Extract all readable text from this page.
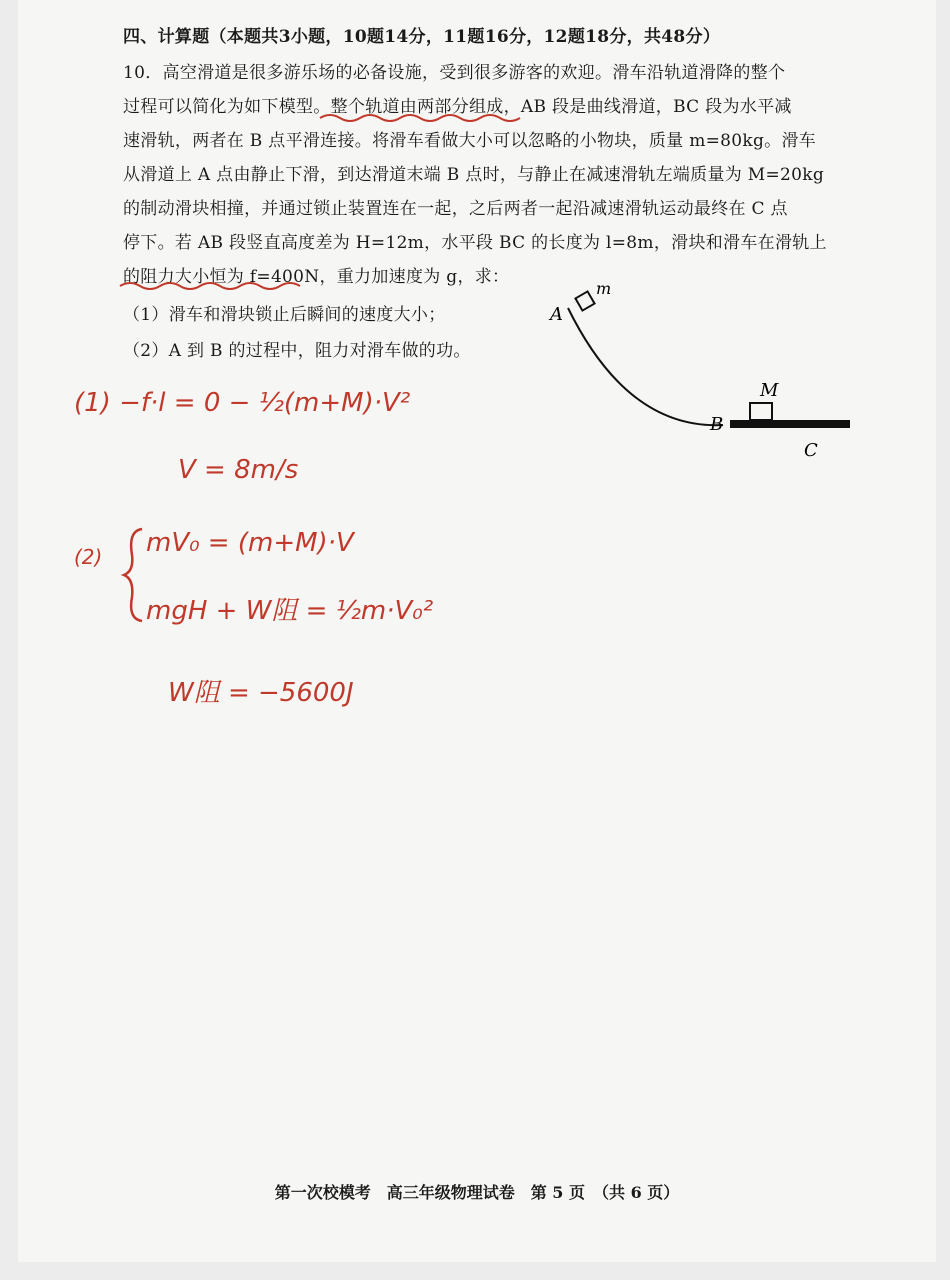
四、计算题（本题共3小题，10题14分，11题16分，12题18分，共48分）
10．高空滑道是很多游乐场的必备设施，受到很多游客的欢迎。滑车沿轨道滑降的整个
过程可以简化为如下模型。整个轨道由两部分组成，AB 段是曲线滑道，BC 段为水平减
速滑轨，两者在 B 点平滑连接。将滑车看做大小可以忽略的小物块，质量 m=80kg。滑车
从滑道上 A 点由静止下滑，到达滑道末端 B 点时，与静止在减速滑轨左端质量为 M=20kg
的制动滑块相撞，并通过锁止装置连在一起，之后两者一起沿减速滑轨运动最终在 C 点
停下。若 AB 段竖直高度差为 H=12m，水平段 BC 的长度为 l=8m，滑块和滑车在滑轨上
的阻力大小恒为 f=400N，重力加速度为 g，求：
（1）滑车和滑块锁止后瞬间的速度大小；
（2）A 到 B 的过程中，阻力对滑车做的功。
A
m
B
M
C
(1) −f·l = 0 − ½(m+M)·V²
V = 8m/s
(2) mV₀ = (m+M)·V
mgH + W阻 = ½m·V₀²
W阻 = −5600J
第一次校模考　高三年级物理试卷　第 5 页　（共 6 页）
